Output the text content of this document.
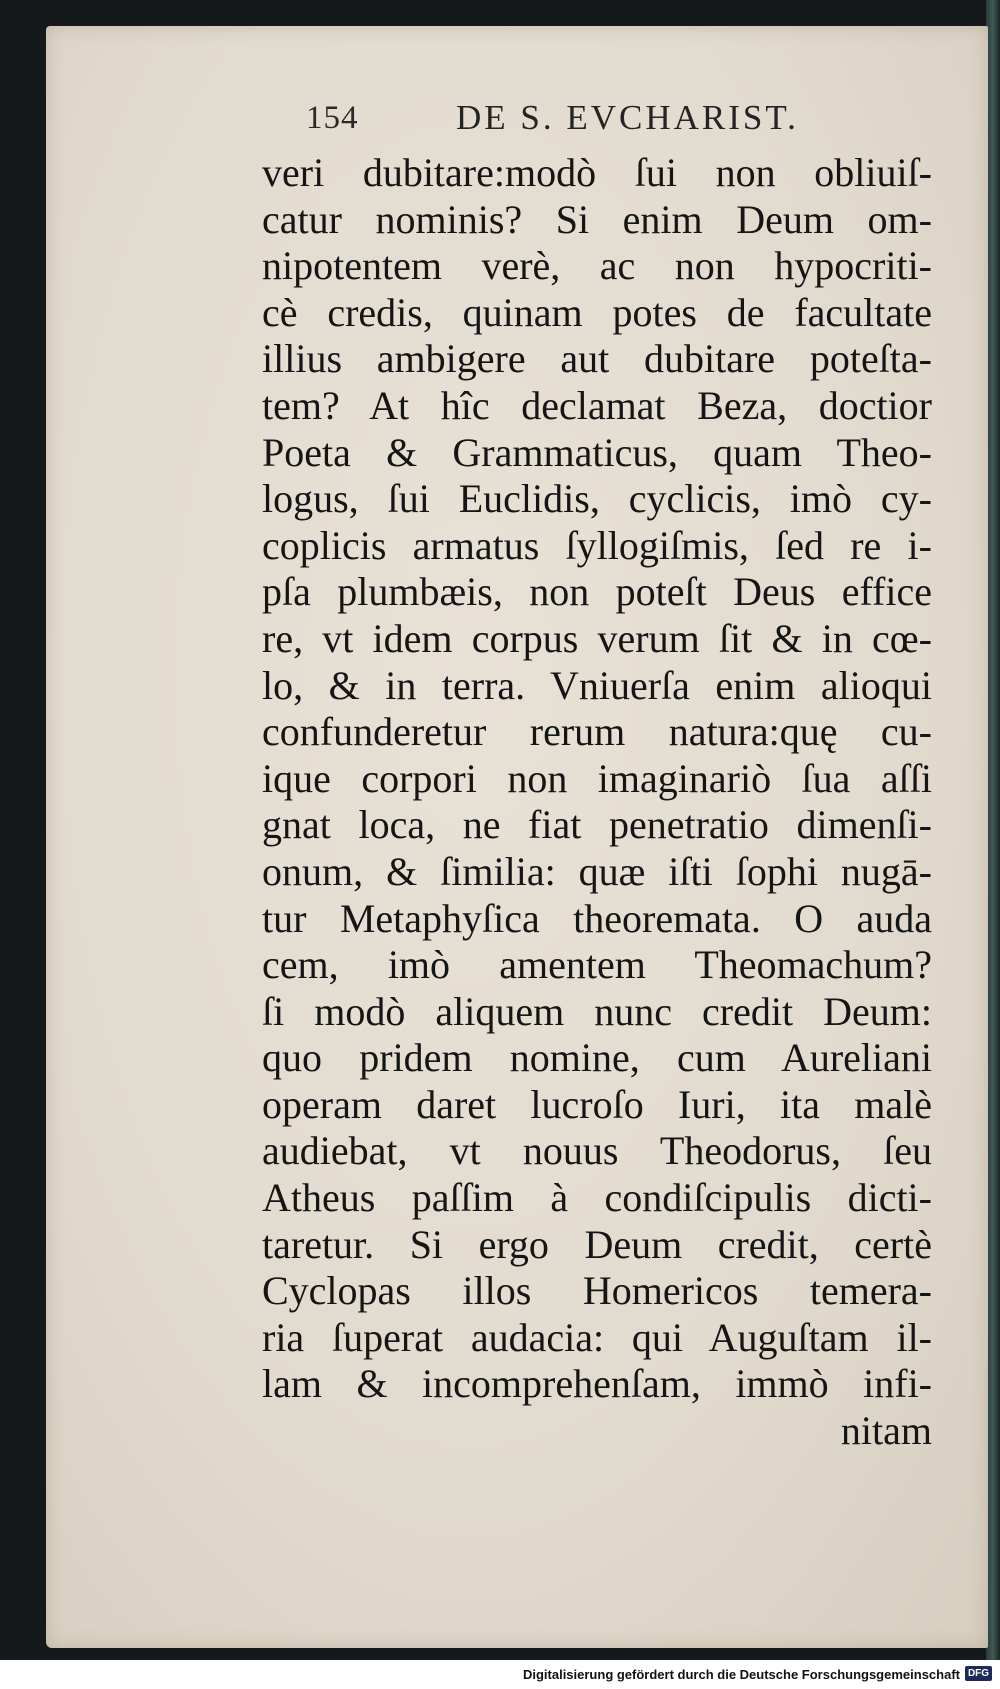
154	DE S. EVCHARIST.
veri dubitare:modò ſui non obliuiſ-
catur nominis? Si enim Deum om-
nipotentem verè, ac non hypocriti-
cè credis, quinam potes de facultate
illius ambigere aut dubitare poteſta-
tem? At hîc declamat Beza, doctior
Poeta & Grammaticus, quam Theo-
logus, ſui Euclidis, cyclicis, imò cy-
coplicis armatus ſyllogiſmis, ſed re i-
pſa plumbæis, non poteſt Deus effice
re, vt idem corpus verum ſit & in cœ-
lo, & in terra. Vniuerſa enim alioqui
confunderetur rerum natura:quę cu-
ique corpori non imaginariò ſua aſſi
gnat loca, ne fiat penetratio dimenſi-
onum, & ſimilia: quæ iſti ſophi nugā-
tur Metaphyſica theoremata. O auda
cem, imò amentem Theomachum?
ſi modò aliquem nunc credit Deum:
quo pridem nomine, cum Aureliani
operam daret lucroſo Iuri, ita malè
audiebat, vt nouus Theodorus, ſeu
Atheus paſſim à condiſcipulis dicti-
taretur. Si ergo Deum credit, certè
Cyclopas illos Homericos temera-
ria ſuperat audacia: qui Auguſtam il-
lam & incomprehenſam, immò infi-
nitam
Digitalisierung gefördert durch die Deutsche Forschungsgemeinschaft DFG
